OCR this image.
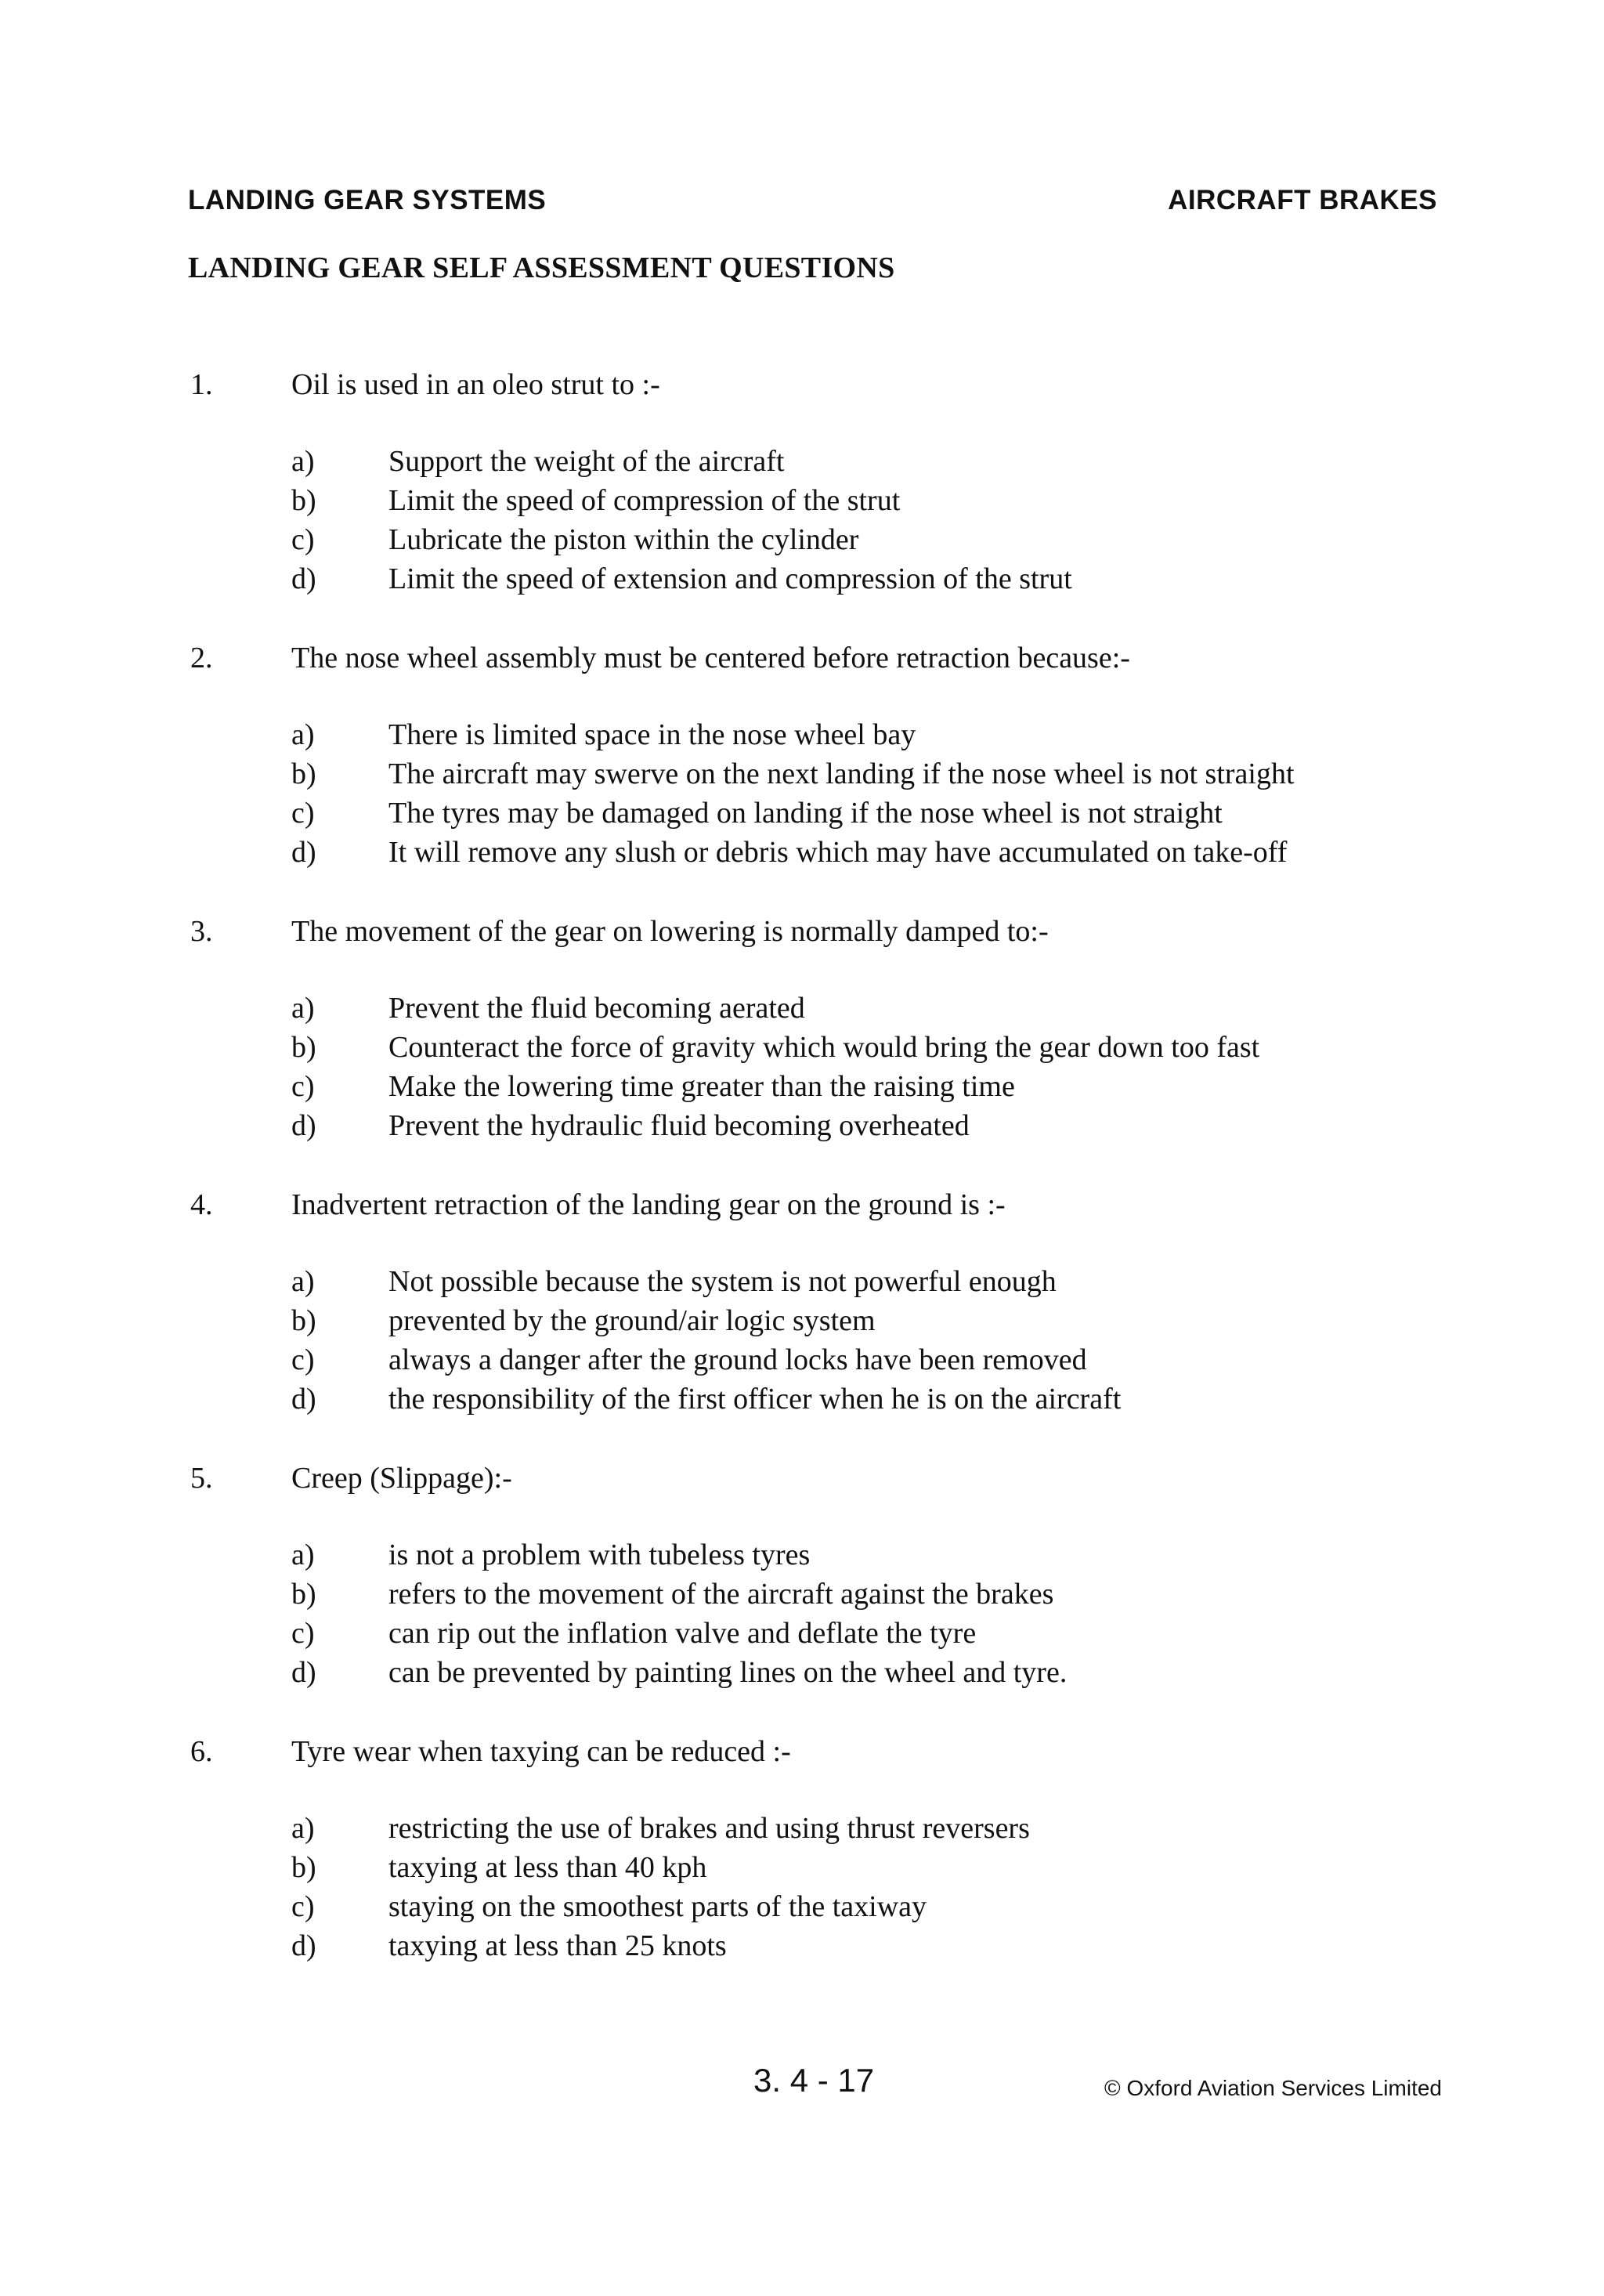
LANDING GEAR SYSTEMS	AIRCRAFT BRAKES
LANDING GEAR SELF ASSESSMENT QUESTIONS
1.	Oil is used in an oleo strut to :-
a) Support the weight of the aircraft
b) Limit the speed of compression of the strut
c) Lubricate the piston within the cylinder
d) Limit the speed of extension and compression of the strut
2.	The nose wheel assembly must be centered before retraction because:-
a) There is limited space in the nose wheel bay
b) The aircraft may swerve on the next landing if the nose wheel is not straight
c) The tyres may be damaged on landing if the nose wheel is not straight
d) It will remove any slush or debris which may have accumulated on take-off
3.	The movement of the gear on lowering is normally damped to:-
a) Prevent the fluid becoming aerated
b) Counteract the force of gravity which would bring the gear down too fast
c) Make the lowering time greater than the raising time
d) Prevent the hydraulic fluid becoming overheated
4.	Inadvertent retraction of the landing gear on the ground is :-
a) Not possible because the system is not powerful enough
b) prevented by the ground/air logic system
c) always a danger after the ground locks have been removed
d) the responsibility of the first officer when he is on the aircraft
5.	Creep (Slippage):-
a) is not a problem with tubeless tyres
b) refers to the movement of the aircraft against the brakes
c) can rip out the inflation valve and deflate the tyre
d) can be prevented by painting lines on the wheel and tyre.
6.	Tyre wear when taxying can be reduced :-
a) restricting the use of brakes and using thrust reversers
b) taxying at less than 40 kph
c) staying on the smoothest parts of the taxiway
d) taxying at less than 25 knots
3. 4 - 17	© Oxford Aviation Services Limited
